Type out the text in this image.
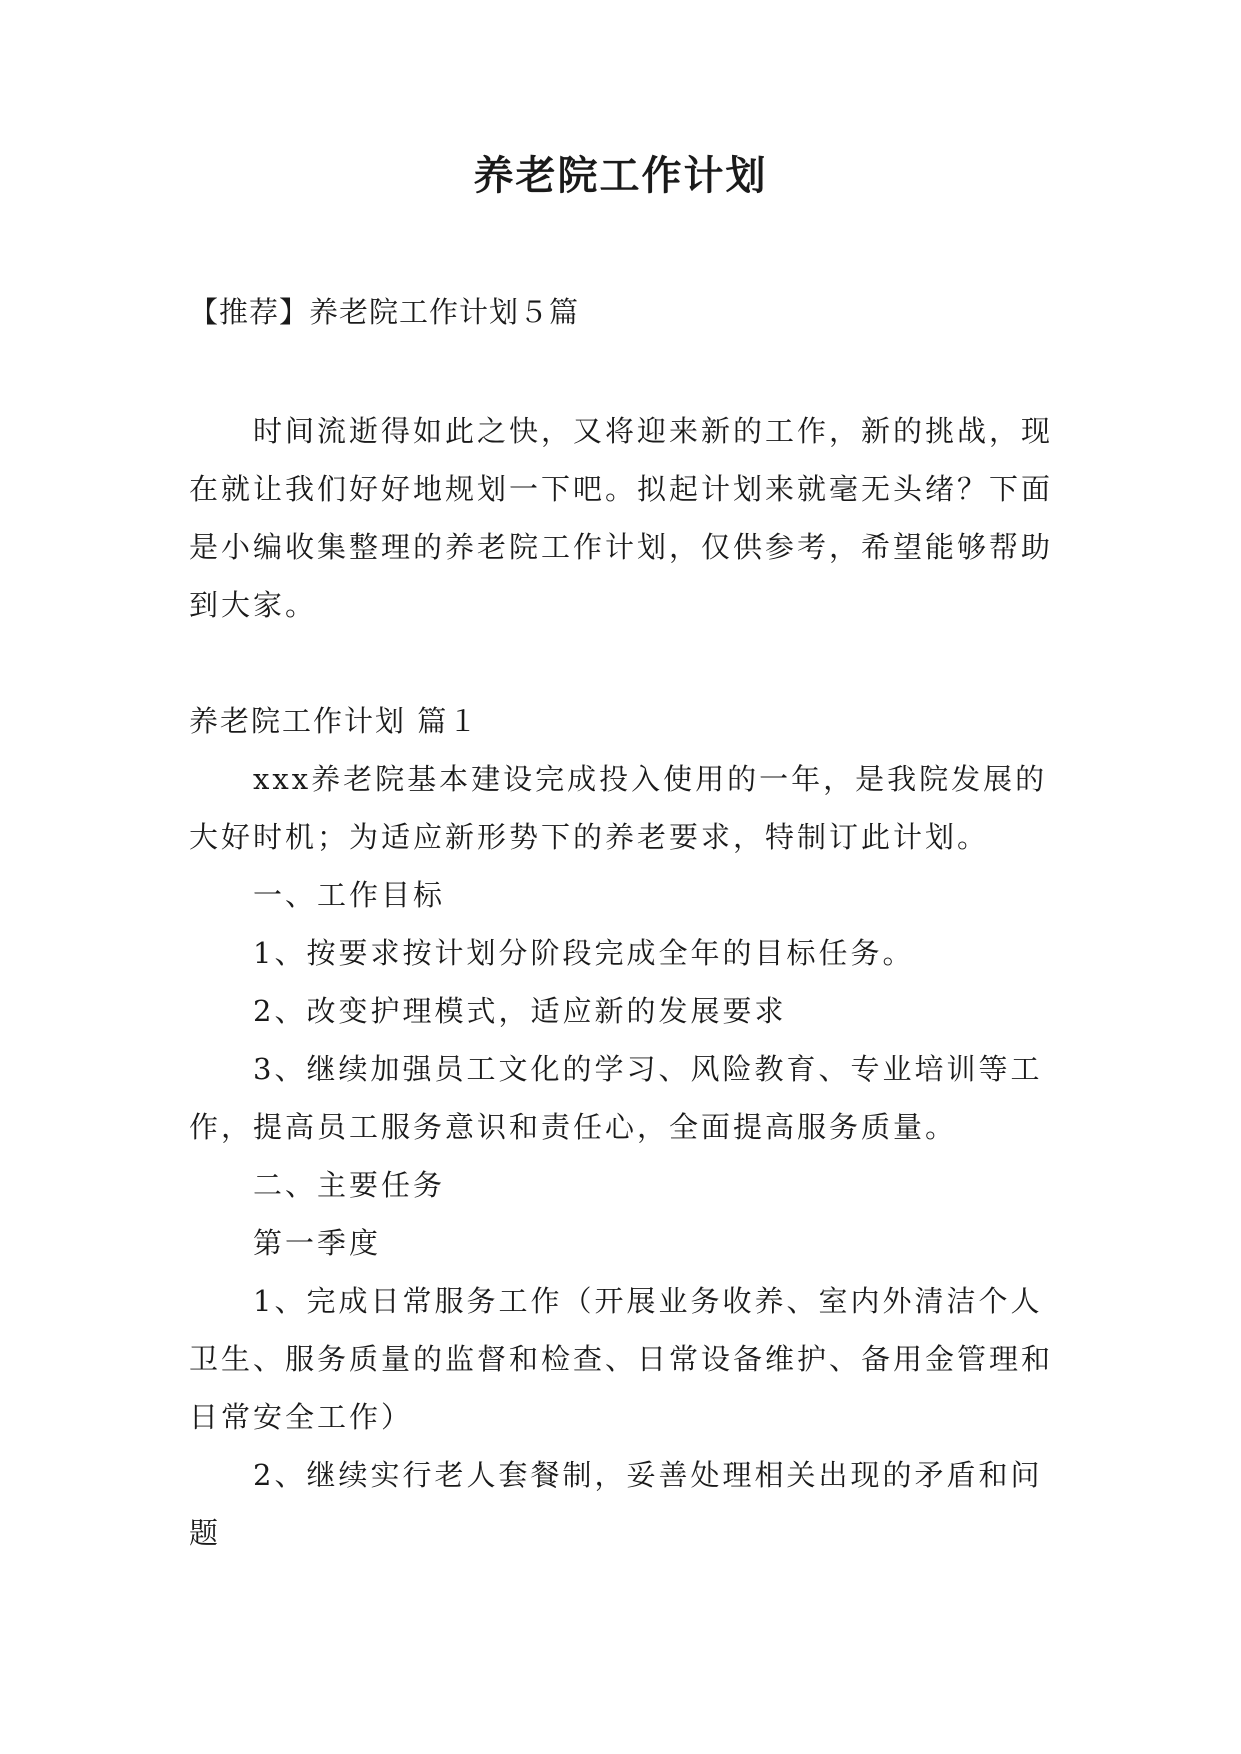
养老院工作计划

【推荐】养老院工作计划５篇

时间流逝得如此之快，又将迎来新的工作，新的挑战，现在就让我们好好地规划一下吧。拟起计划来就毫无头绪？下面是小编收集整理的养老院工作计划，仅供参考，希望能够帮助到大家。

养老院工作计划 篇１

xxx养老院基本建设完成投入使用的一年，是我院发展的大好时机；为适应新形势下的养老要求，特制订此计划。

一、工作目标

1、按要求按计划分阶段完成全年的目标任务。

2、改变护理模式，适应新的发展要求

3、继续加强员工文化的学习、风险教育、专业培训等工作，提高员工服务意识和责任心，全面提高服务质量。

二、主要任务

第一季度

1、完成日常服务工作（开展业务收养、室内外清洁个人卫生、服务质量的监督和检查、日常设备维护、备用金管理和日常安全工作）

2、继续实行老人套餐制，妥善处理相关出现的矛盾和问题
